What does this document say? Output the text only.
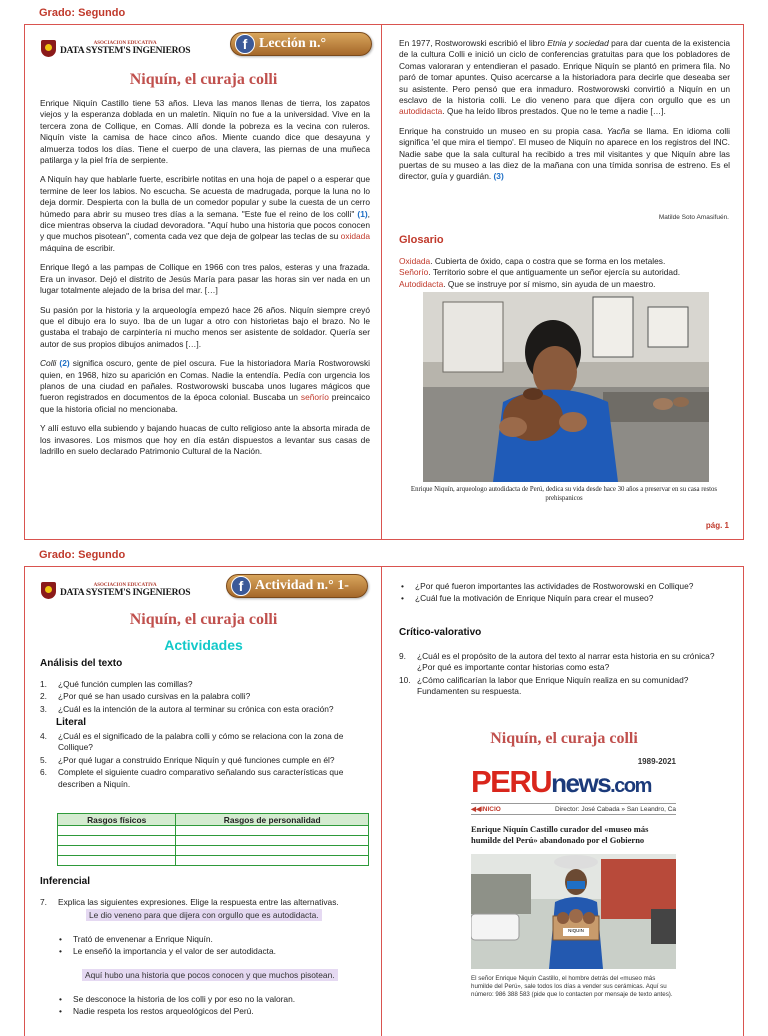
Grado: Segundo
ASOCIACION EDUCATIVA
DATA SYSTEM'S INGENIEROS	f Lección n.°
Niquín, el curaja colli

Enrique Niquín Castillo tiene 53 años. Lleva las manos llenas de tierra, los zapatos viejos y la esperanza doblada en un maletín. Niquín no fue a la universidad. Vive en la tercera zona de Collique, en Comas. Allí donde la pobreza es la vecina con ruleros. Niquín viste la camisa de hace cinco años. Miente cuando dice que desayuna y almuerza todos los días. Tiene el cuerpo de una clavera, las piernas de una muñeca patilarga y la piel fría de serpiente.

A Niquín hay que hablarle fuerte, escribirle notitas en una hoja de papel o a esperar que termine de leer los labios. No escucha. Se acuesta de madrugada, porque la luna no lo deja dormir. Despierta con la bulla de un comedor popular y sube la cuesta de un cerro húmedo para abrir su museo tres días a la semana. "Este fue el reino de los colli" (1), dice mientras observa la ciudad devoradora. "Aquí hubo una historia que pocos conocen y que muchos pisotean", comenta cada vez que deja de golpear las teclas de su oxidada máquina de escribir.

Enrique llegó a las pampas de Collique en 1966 con tres palos, esteras y una frazada. Era un invasor. Dejó el distrito de Jesús María para pasar las horas sin ver nada en un lugar totalmente alejado de la brisa del mar. […]

Su pasión por la historia y la arqueología empezó hace 26 años. Niquín siempre creyó que el dibujo era lo suyo. Iba de un lugar a otro con historietas bajo el brazo. No le gustaba el trabajo de carpintería ni mucho menos ser asistente de soldador. Quería ser autor de sus propios dibujos animados […].

Colli (2) significa oscuro, gente de piel oscura. Fue la historiadora María Rostworowski quien, en 1968, hizo su aparición en Comas. Nadie la entendía. Pedía con urgencia los planos de una ciudad en pañales. Rostworowski buscaba unos lugares mágicos que fueron registrados en documentos de la época colonial. Buscaba un señorío preincaico que la historia oficial no mencionaba.

Y allí estuvo ella subiendo y bajando huacas de culto religioso ante la absorta mirada de los invasores. Los mismos que hoy en día están dispuestos a levantar sus casas de ladrillo en suelo declarado Patrimonio Cultural de la Nación.

En 1977, Rostworowski escribió el libro Etnia y sociedad para dar cuenta de la existencia de la cultura Colli e inició un ciclo de conferencias gratuitas para que los pobladores de Comas valoraran y entendieran el pasado. Enrique Niquín se plantó en primera fila. No paró de tomar apuntes. Quiso acercarse a la historiadora para decirle que deseaba ser su asistente. Pero pensó que era inmaduro. Rostworowski convirtió a Niquín en un esclavo de la historia colli. Le dio veneno para que dijera con orgullo que es un autodidacta. Que ha leído libros prestados. Que no le teme a nadie […].

Enrique ha construido un museo en su propia casa. Yacña se llama. En idioma colli significa 'el que mira el tiempo'. El museo de Niquín no aparece en los registros del INC. Nadie sabe que la sala cultural ha recibido a tres mil visitantes y que Niquín abre las puertas de su museo a las diez de la mañana con una tímida sonrisa de estreno. Es el director, guía y guardián. (3)

Matilde Soto Amasifuén.
Glosario
Oxidada. Cubierta de óxido, capa o costra que se forma en los metales.
Señorío. Territorio sobre el que antiguamente un señor ejercía su autoridad.
Autodidacta. Que se instruye por sí mismo, sin ayuda de un maestro.
Enrique Niquín, arqueologo autodidacta de Perú, dedica su vida desde hace 30 años a preservar en su casa restos prehispanicos
pág. 1
Grado: Segundo
ASOCIACION EDUCATIVA
DATA SYSTEM'S INGENIEROS	f Actividad n.° 1-
Niquín, el curaja colli
Actividades
Análisis del texto
1.	¿Qué función cumplen las comillas?
2.	¿Por qué se han usado cursivas en la palabra colli?
3.	¿Cuál es la intención de la autora al terminar su crónica con esta oración?
Literal
4.	¿Cuál es el significado de la palabra colli y cómo se relaciona con la zona de Collique?
5.	¿Por qué lugar a construido Enrique Niquín y qué funciones cumple en él?
6.	Complete el siguiente cuadro comparativo señalando sus características que describen a Niquín.
Rasgos físicos	Rasgos de personalidad

Inferencial
7.	Explica las siguientes expresiones. Elige la respuesta entre las alternativas.
Le dio veneno para que dijera con orgullo que es autodidacta.
• Trató de envenenar a Enrique Niquín.
• Le enseñó la importancia y el valor de ser autodidacta.
Aquí hubo una historia que pocos conocen y que muchos pisotean.
• Se desconoce la historia de los colli y por eso no la valoran.
• Nadie respeta los restos arqueológicos del Perú.
• ¿Por qué fueron importantes las actividades de Rostworowski en Collique?
• ¿Cuál fue la motivación de Enrique Niquín para crear el museo?
Crítico-valorativo
9.	¿Cuál es el propósito de la autora del texto al narrar esta historia en su crónica? ¿Por qué es importante contar historias como esta?
10. ¿Cómo calificarían la labor que Enrique Niquín realiza en su comunidad? Fundamenten su respuesta.
Niquín, el curaja colli
1989-2021
PERUnews.com
◀◀INICIO	Director: José Cabada » San Leandro, Ca
Enrique Niquín Castillo curador del «museo más humilde del Perú» abandonado por el Gobierno
NIQUIN
El señor Enrique Niquín Castillo, el hombre detrás del «museo más humilde del Perú», sale todos los días a vender sus cerámicas. Aquí su número: 986 388 583 (pide que lo contacten por mensaje de texto antes).
